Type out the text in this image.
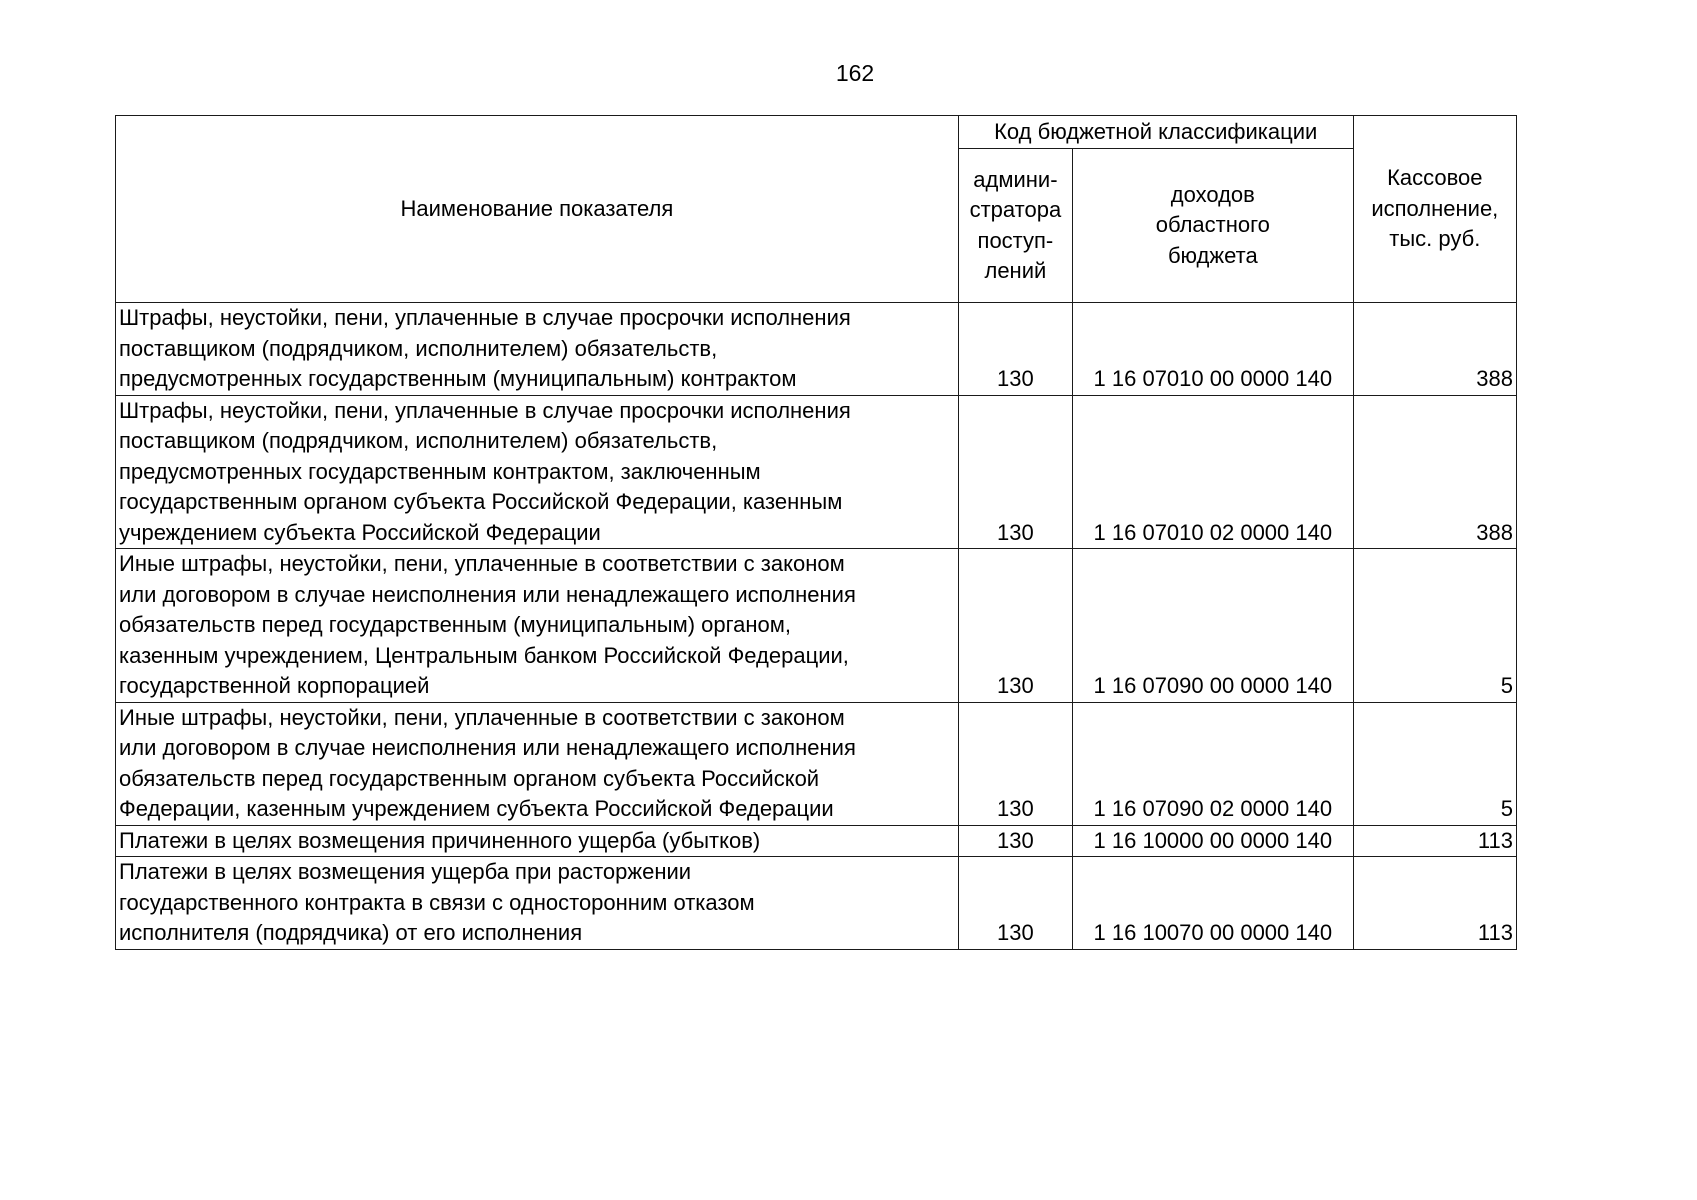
162
Наименование показателя	Код бюджетной классификации		Кассовое
исполнение,
тыс. руб.
	админи-
стратора
поступ-
лений	доходов
областного
бюджета	
Штрафы, неустойки, пени, уплаченные в случае просрочки исполнения
поставщиком (подрядчиком, исполнителем) обязательств,
предусмотренных государственным (муниципальным) контрактом	130	1 16 07010 00 0000 140	388
Штрафы, неустойки, пени, уплаченные в случае просрочки исполнения
поставщиком (подрядчиком, исполнителем) обязательств,
предусмотренных государственным контрактом, заключенным
государственным органом субъекта Российской Федерации, казенным
учреждением субъекта Российской Федерации	130	1 16 07010 02 0000 140	388
Иные штрафы, неустойки, пени, уплаченные в соответствии с законом
или договором в случае неисполнения или ненадлежащего исполнения
обязательств перед государственным (муниципальным) органом,
казенным учреждением, Центральным банком Российской Федерации,
государственной корпорацией	130	1 16 07090 00 0000 140	5
Иные штрафы, неустойки, пени, уплаченные в соответствии с законом
или договором в случае неисполнения или ненадлежащего исполнения
обязательств перед государственным органом субъекта Российской
Федерации, казенным учреждением субъекта Российской Федерации	130	1 16 07090 02 0000 140	5
Платежи в целях возмещения причиненного ущерба (убытков)	130	1 16 10000 00 0000 140	113
Платежи в целях возмещения ущерба при расторжении
государственного контракта в связи с односторонним отказом
исполнителя (подрядчика) от его исполнения	130	1 16 10070 00 0000 140	113
